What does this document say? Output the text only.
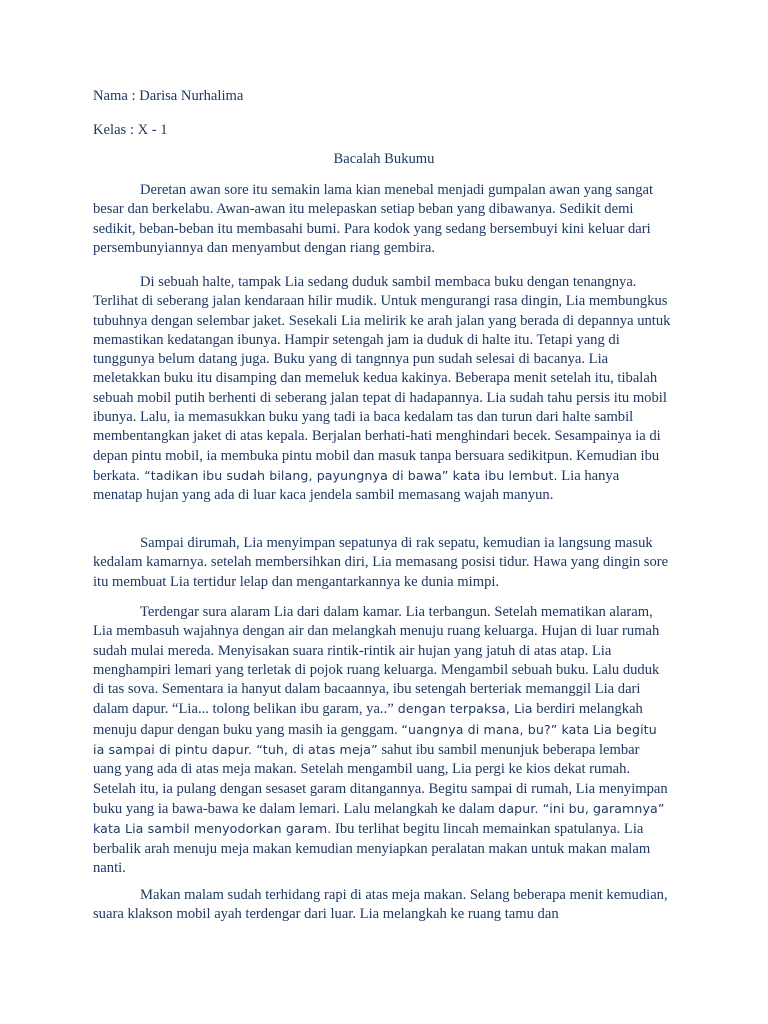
Nama : Darisa Nurhalima
Kelas : X - 1
Bacalah Bukumu

Deretan awan sore itu semakin lama kian menebal menjadi gumpalan awan yang sangat besar dan berkelabu. Awan-awan itu melepaskan setiap beban yang dibawanya. Sedikit demi sedikit, beban-beban itu membasahi bumi. Para kodok yang sedang bersembuyi kini keluar dari persembunyiannya dan menyambut dengan riang gembira.

Di sebuah halte, tampak Lia sedang duduk sambil membaca buku dengan tenangnya. Terlihat di seberang jalan kendaraan hilir mudik. Untuk mengurangi rasa dingin, Lia membungkus tubuhnya dengan selembar jaket. Sesekali Lia melirik ke arah jalan yang berada di depannya untuk memastikan kedatangan ibunya. Hampir setengah jam ia duduk di halte itu. Tetapi yang di tunggunya belum datang juga. Buku yang di tangnnya pun sudah selesai di bacanya. Lia meletakkan buku itu disamping dan memeluk kedua kakinya. Beberapa menit setelah itu, tibalah sebuah mobil putih berhenti di seberang jalan tepat di hadapannya. Lia sudah tahu persis itu mobil ibunya. Lalu, ia memasukkan buku yang tadi ia baca kedalam tas dan turun dari halte sambil membentangkan jaket di atas kepala. Berjalan berhati-hati menghindari becek. Sesampainya ia di depan pintu mobil, ia membuka pintu mobil dan masuk tanpa bersuara sedikitpun. Kemudian ibu berkata. “tadikan ibu sudah bilang, payungnya di bawa” kata ibu lembut. Lia hanya menatap hujan yang ada di luar kaca jendela sambil memasang wajah manyun.

Sampai dirumah, Lia menyimpan sepatunya di rak sepatu, kemudian ia langsung masuk kedalam kamarnya. setelah membersihkan diri, Lia memasang posisi tidur. Hawa yang dingin sore itu membuat Lia tertidur lelap dan mengantarkannya ke dunia mimpi.

Terdengar sura alaram Lia dari dalam kamar. Lia terbangun. Setelah mematikan alaram, Lia membasuh wajahnya dengan air dan melangkah menuju ruang keluarga. Hujan di luar rumah sudah mulai mereda. Menyisakan suara rintik-rintik air hujan yang jatuh di atas atap. Lia menghampiri lemari yang terletak di pojok ruang keluarga. Mengambil sebuah buku. Lalu duduk di tas sova. Sementara ia hanyut dalam bacaannya, ibu setengah berteriak memanggil Lia dari dalam dapur. “Lia... tolong belikan ibu garam, ya..” dengan terpaksa, Lia berdiri melangkah menuju dapur dengan buku yang masih ia genggam. “uangnya di mana, bu?” kata Lia begitu ia sampai di pintu dapur. “tuh, di atas meja” sahut ibu sambil menunjuk beberapa lembar uang yang ada di atas meja makan. Setelah mengambil uang, Lia pergi ke kios dekat rumah. Setelah itu, ia pulang dengan sesaset garam ditangannya. Begitu sampai di rumah, Lia menyimpan buku yang ia bawa-bawa ke dalam lemari. Lalu melangkah ke dalam dapur. “ini bu, garamnya” kata Lia sambil menyodorkan garam. Ibu terlihat begitu lincah memainkan spatulanya. Lia berbalik arah menuju meja makan kemudian menyiapkan peralatan makan untuk makan malam nanti.

Makan malam sudah terhidang rapi di atas meja makan. Selang beberapa menit kemudian, suara klakson mobil ayah terdengar dari luar. Lia melangkah ke ruang tamu dan
